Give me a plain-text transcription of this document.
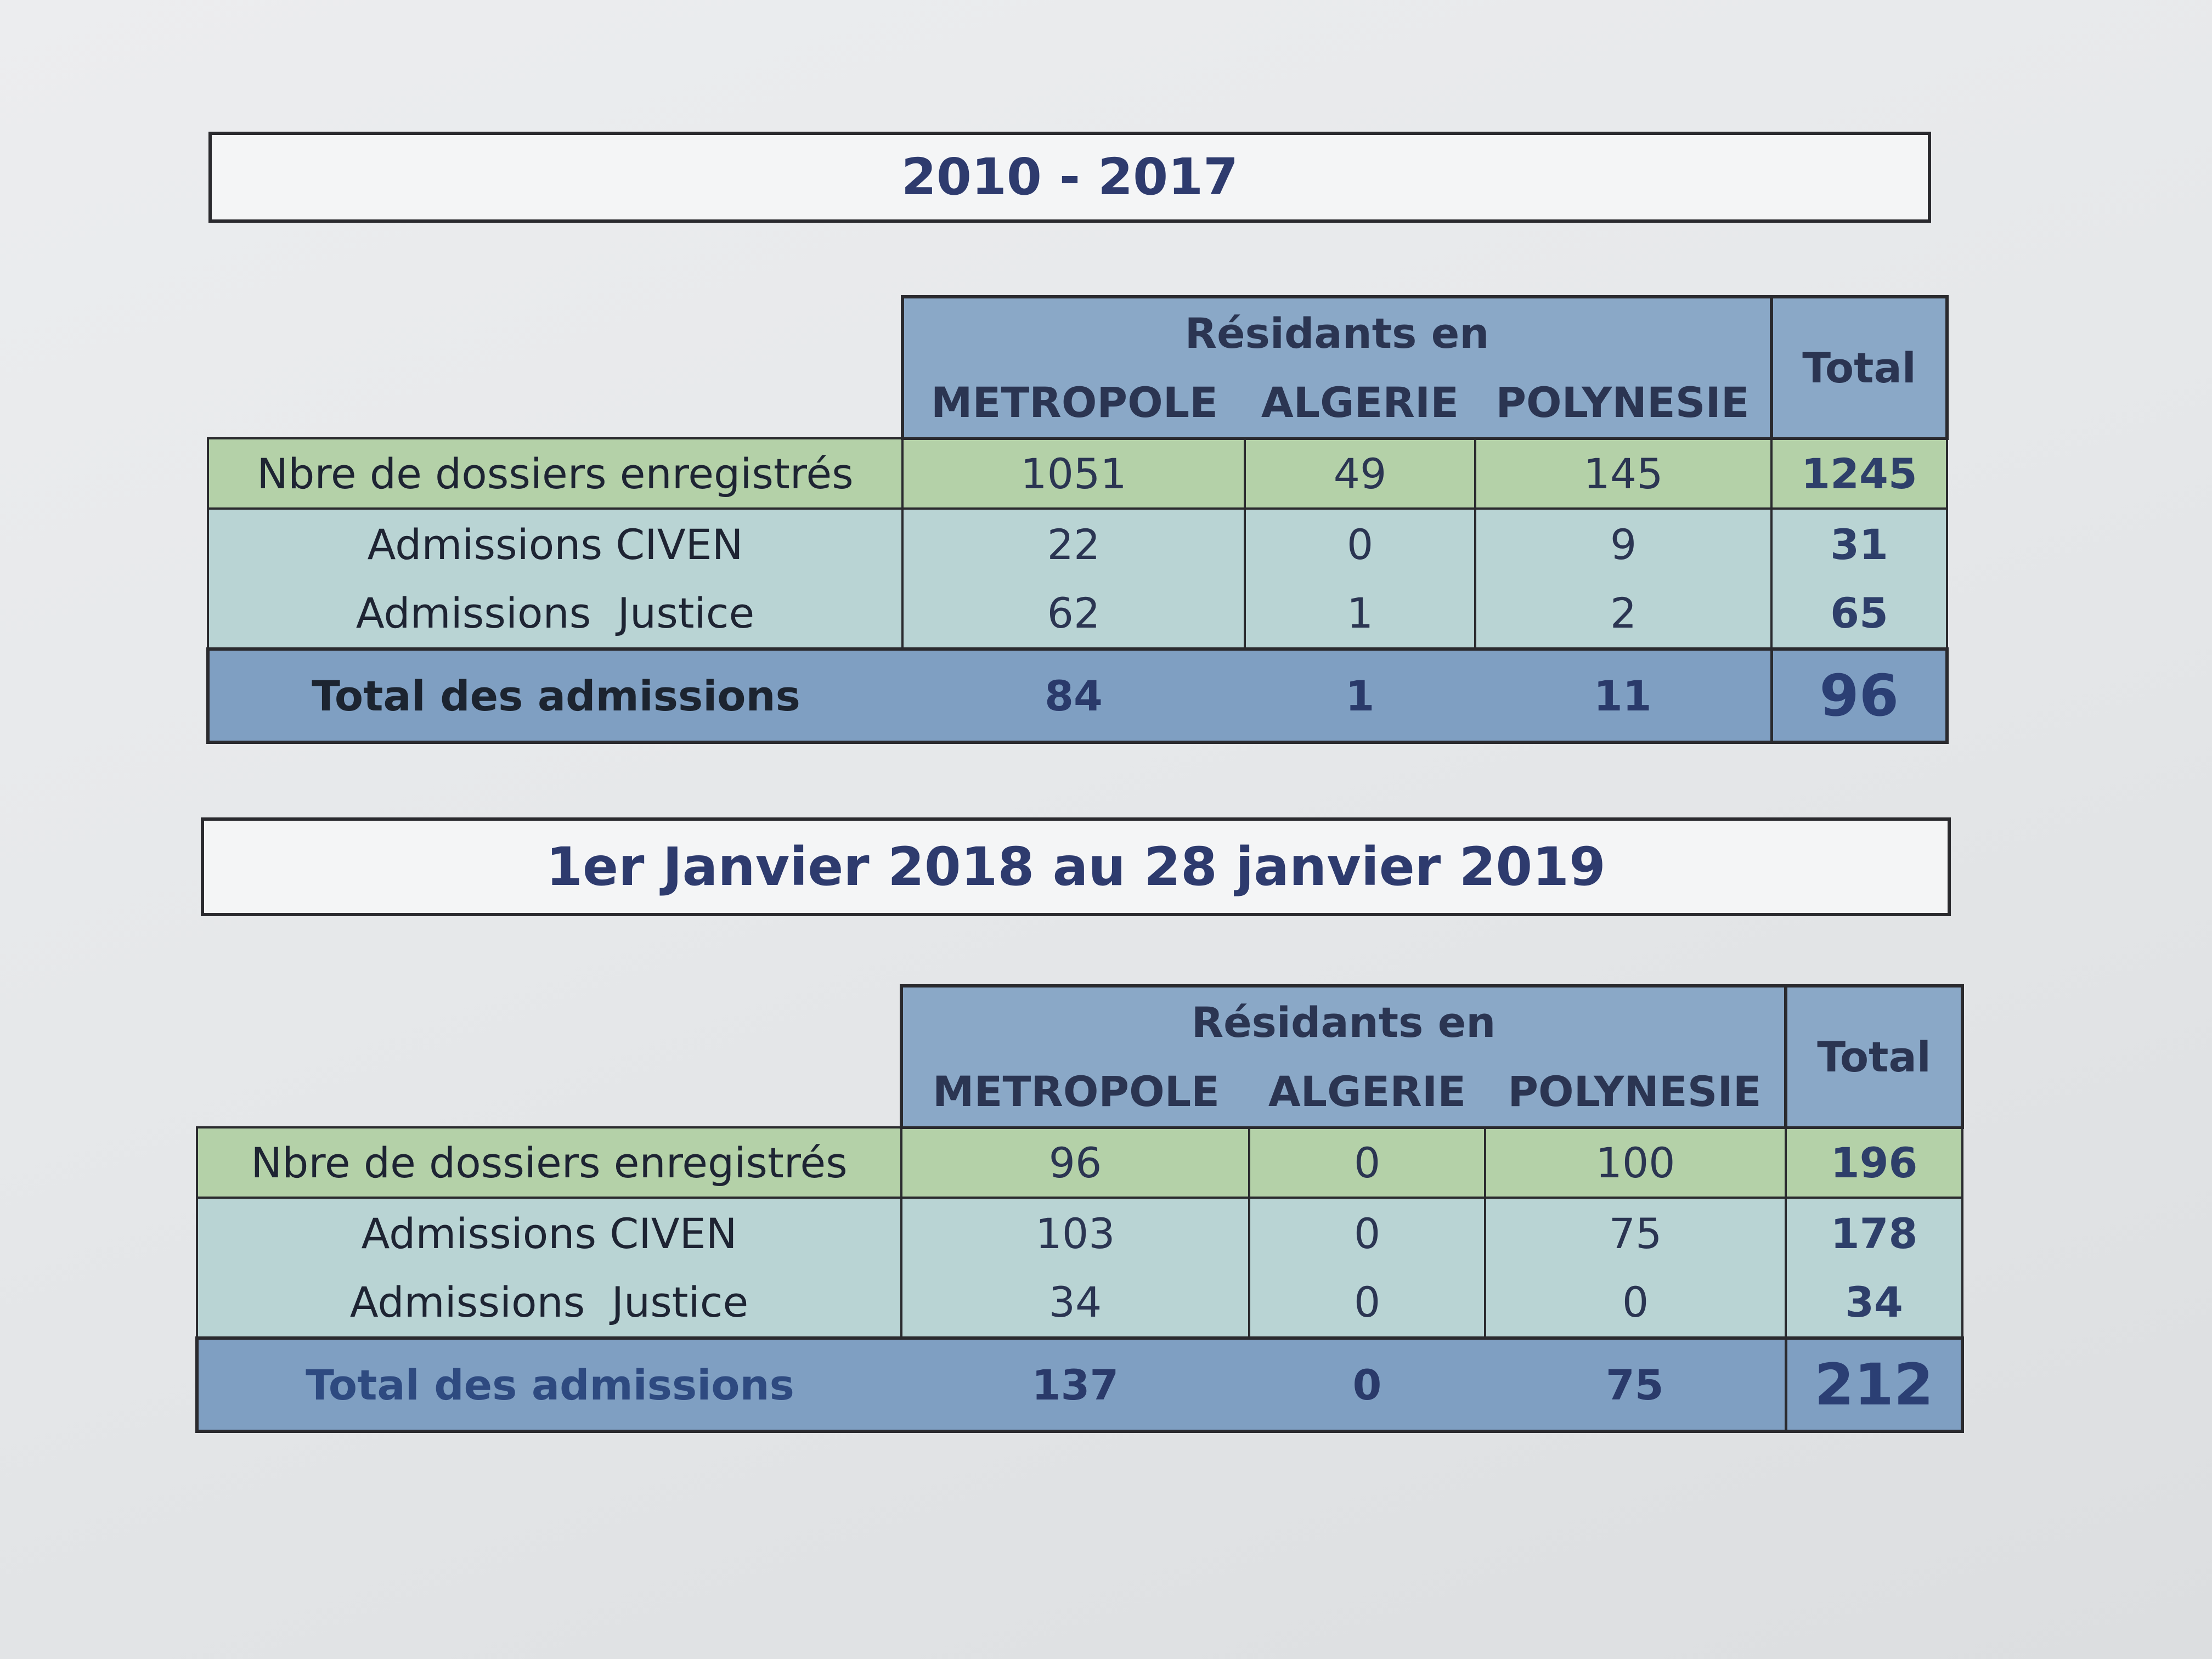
2010 - 2017
	Résidants en			Total
	METROPOLE	ALGERIE	POLYNESIE	
Nbre de dossiers enregistrés	1051	49	145	1245
Admissions CIVEN	22	0	9	31
Admissions  Justice	62	1	2	65
Total des admissions	84	1	11	96
1er Janvier 2018 au 28 janvier 2019
	Résidants en			Total
	METROPOLE	ALGERIE	POLYNESIE	
Nbre de dossiers enregistrés	96	0	100	196
Admissions CIVEN	103	0	75	178
Admissions  Justice	34	0	0	34
Total des admissions	137	0	75	212
